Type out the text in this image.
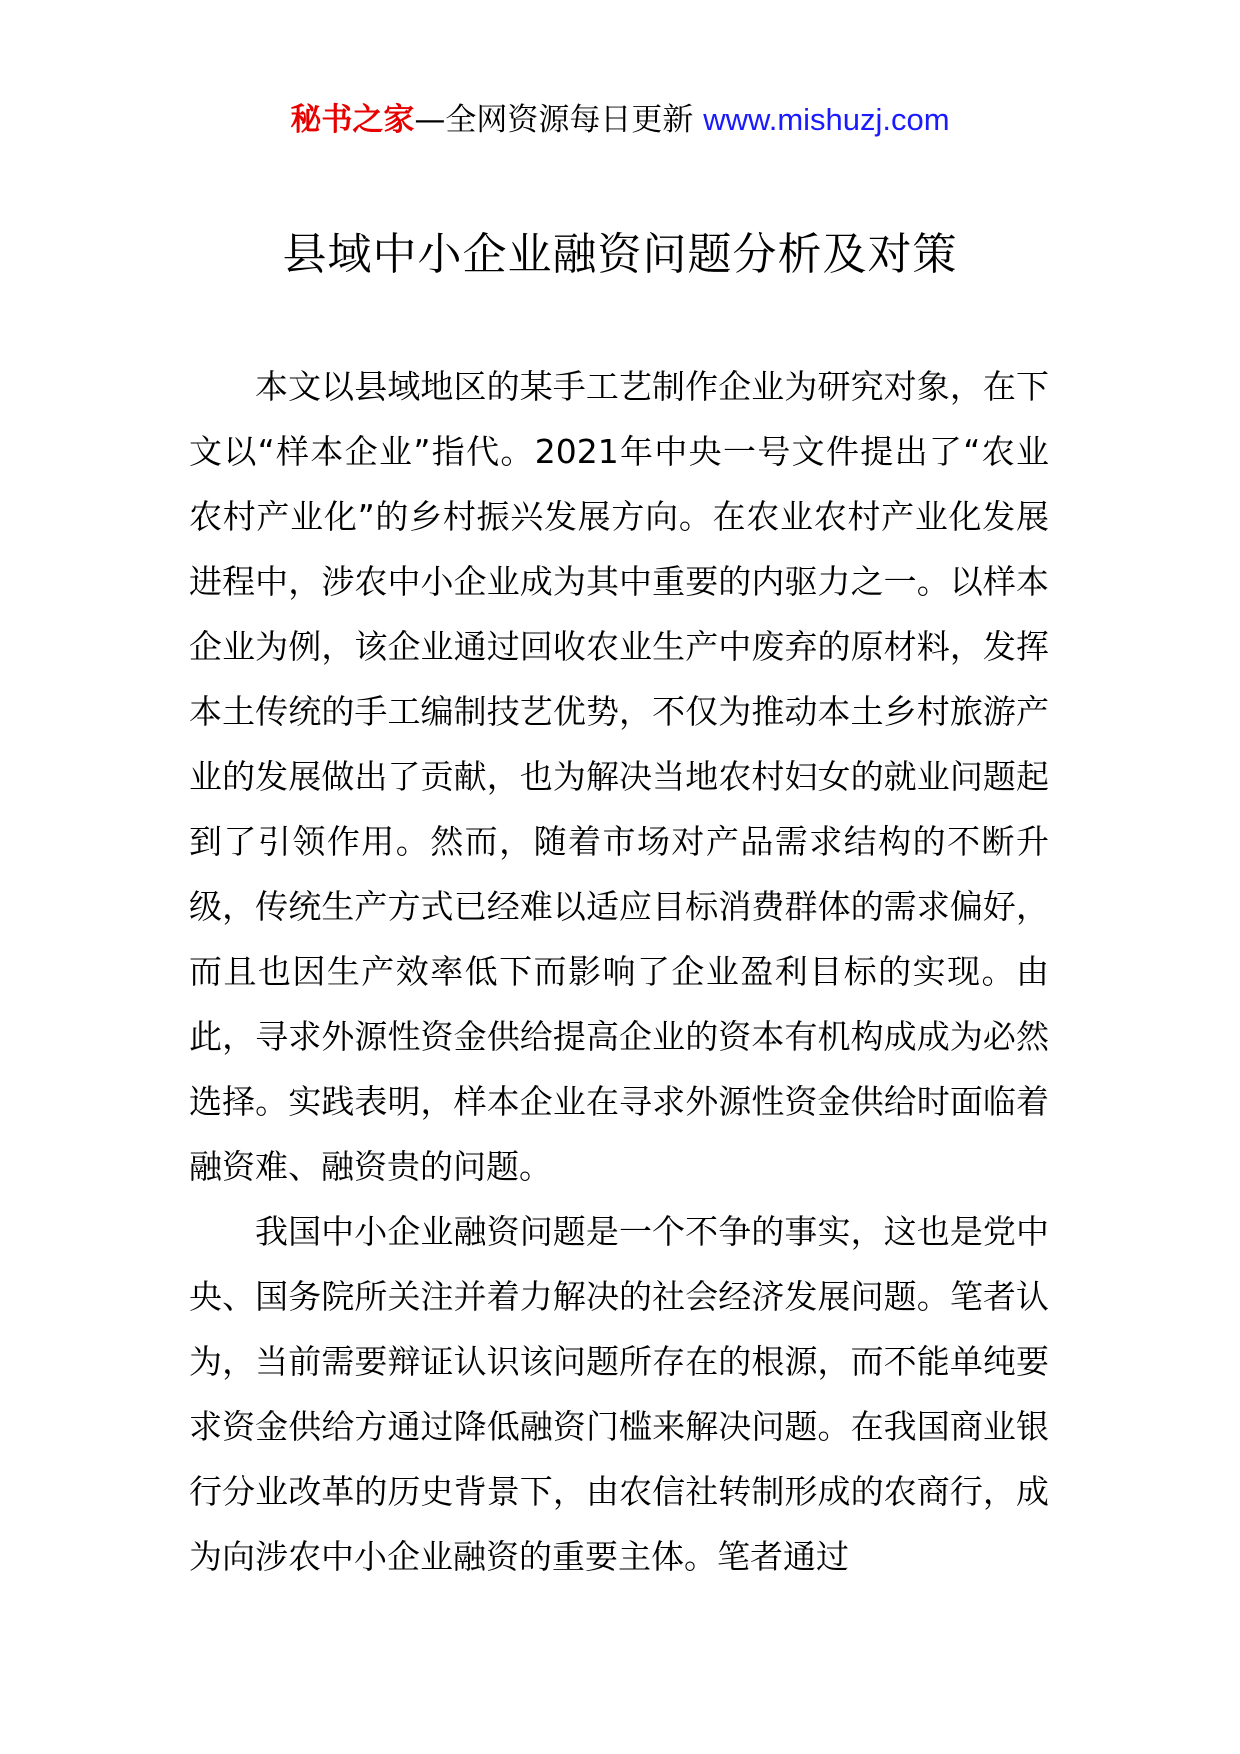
秘书之家—全网资源每日更新 www.mishuzj.com
县域中小企业融资问题分析及对策

本文以县域地区的某手工艺制作企业为研究对象，在下文以“样本企业”指代。2021年中央一号文件提出了“农业农村产业化”的乡村振兴发展方向。在农业农村产业化发展进程中，涉农中小企业成为其中重要的内驱力之一。以样本企业为例，该企业通过回收农业生产中废弃的原材料，发挥本土传统的手工编制技艺优势，不仅为推动本土乡村旅游产业的发展做出了贡献，也为解决当地农村妇女的就业问题起到了引领作用。然而，随着市场对产品需求结构的不断升级，传统生产方式已经难以适应目标消费群体的需求偏好，而且也因生产效率低下而影响了企业盈利目标的实现。由此，寻求外源性资金供给提高企业的资本有机构成成为必然选择。实践表明，样本企业在寻求外源性资金供给时面临着融资难、融资贵的问题。

我国中小企业融资问题是一个不争的事实，这也是党中央、国务院所关注并着力解决的社会经济发展问题。笔者认为，当前需要辩证认识该问题所存在的根源，而不能单纯要求资金供给方通过降低融资门槛来解决问题。在我国商业银行分业改革的历史背景下，由农信社转制形成的农商行，成为向涉农中小企业融资的重要主体。笔者通过
